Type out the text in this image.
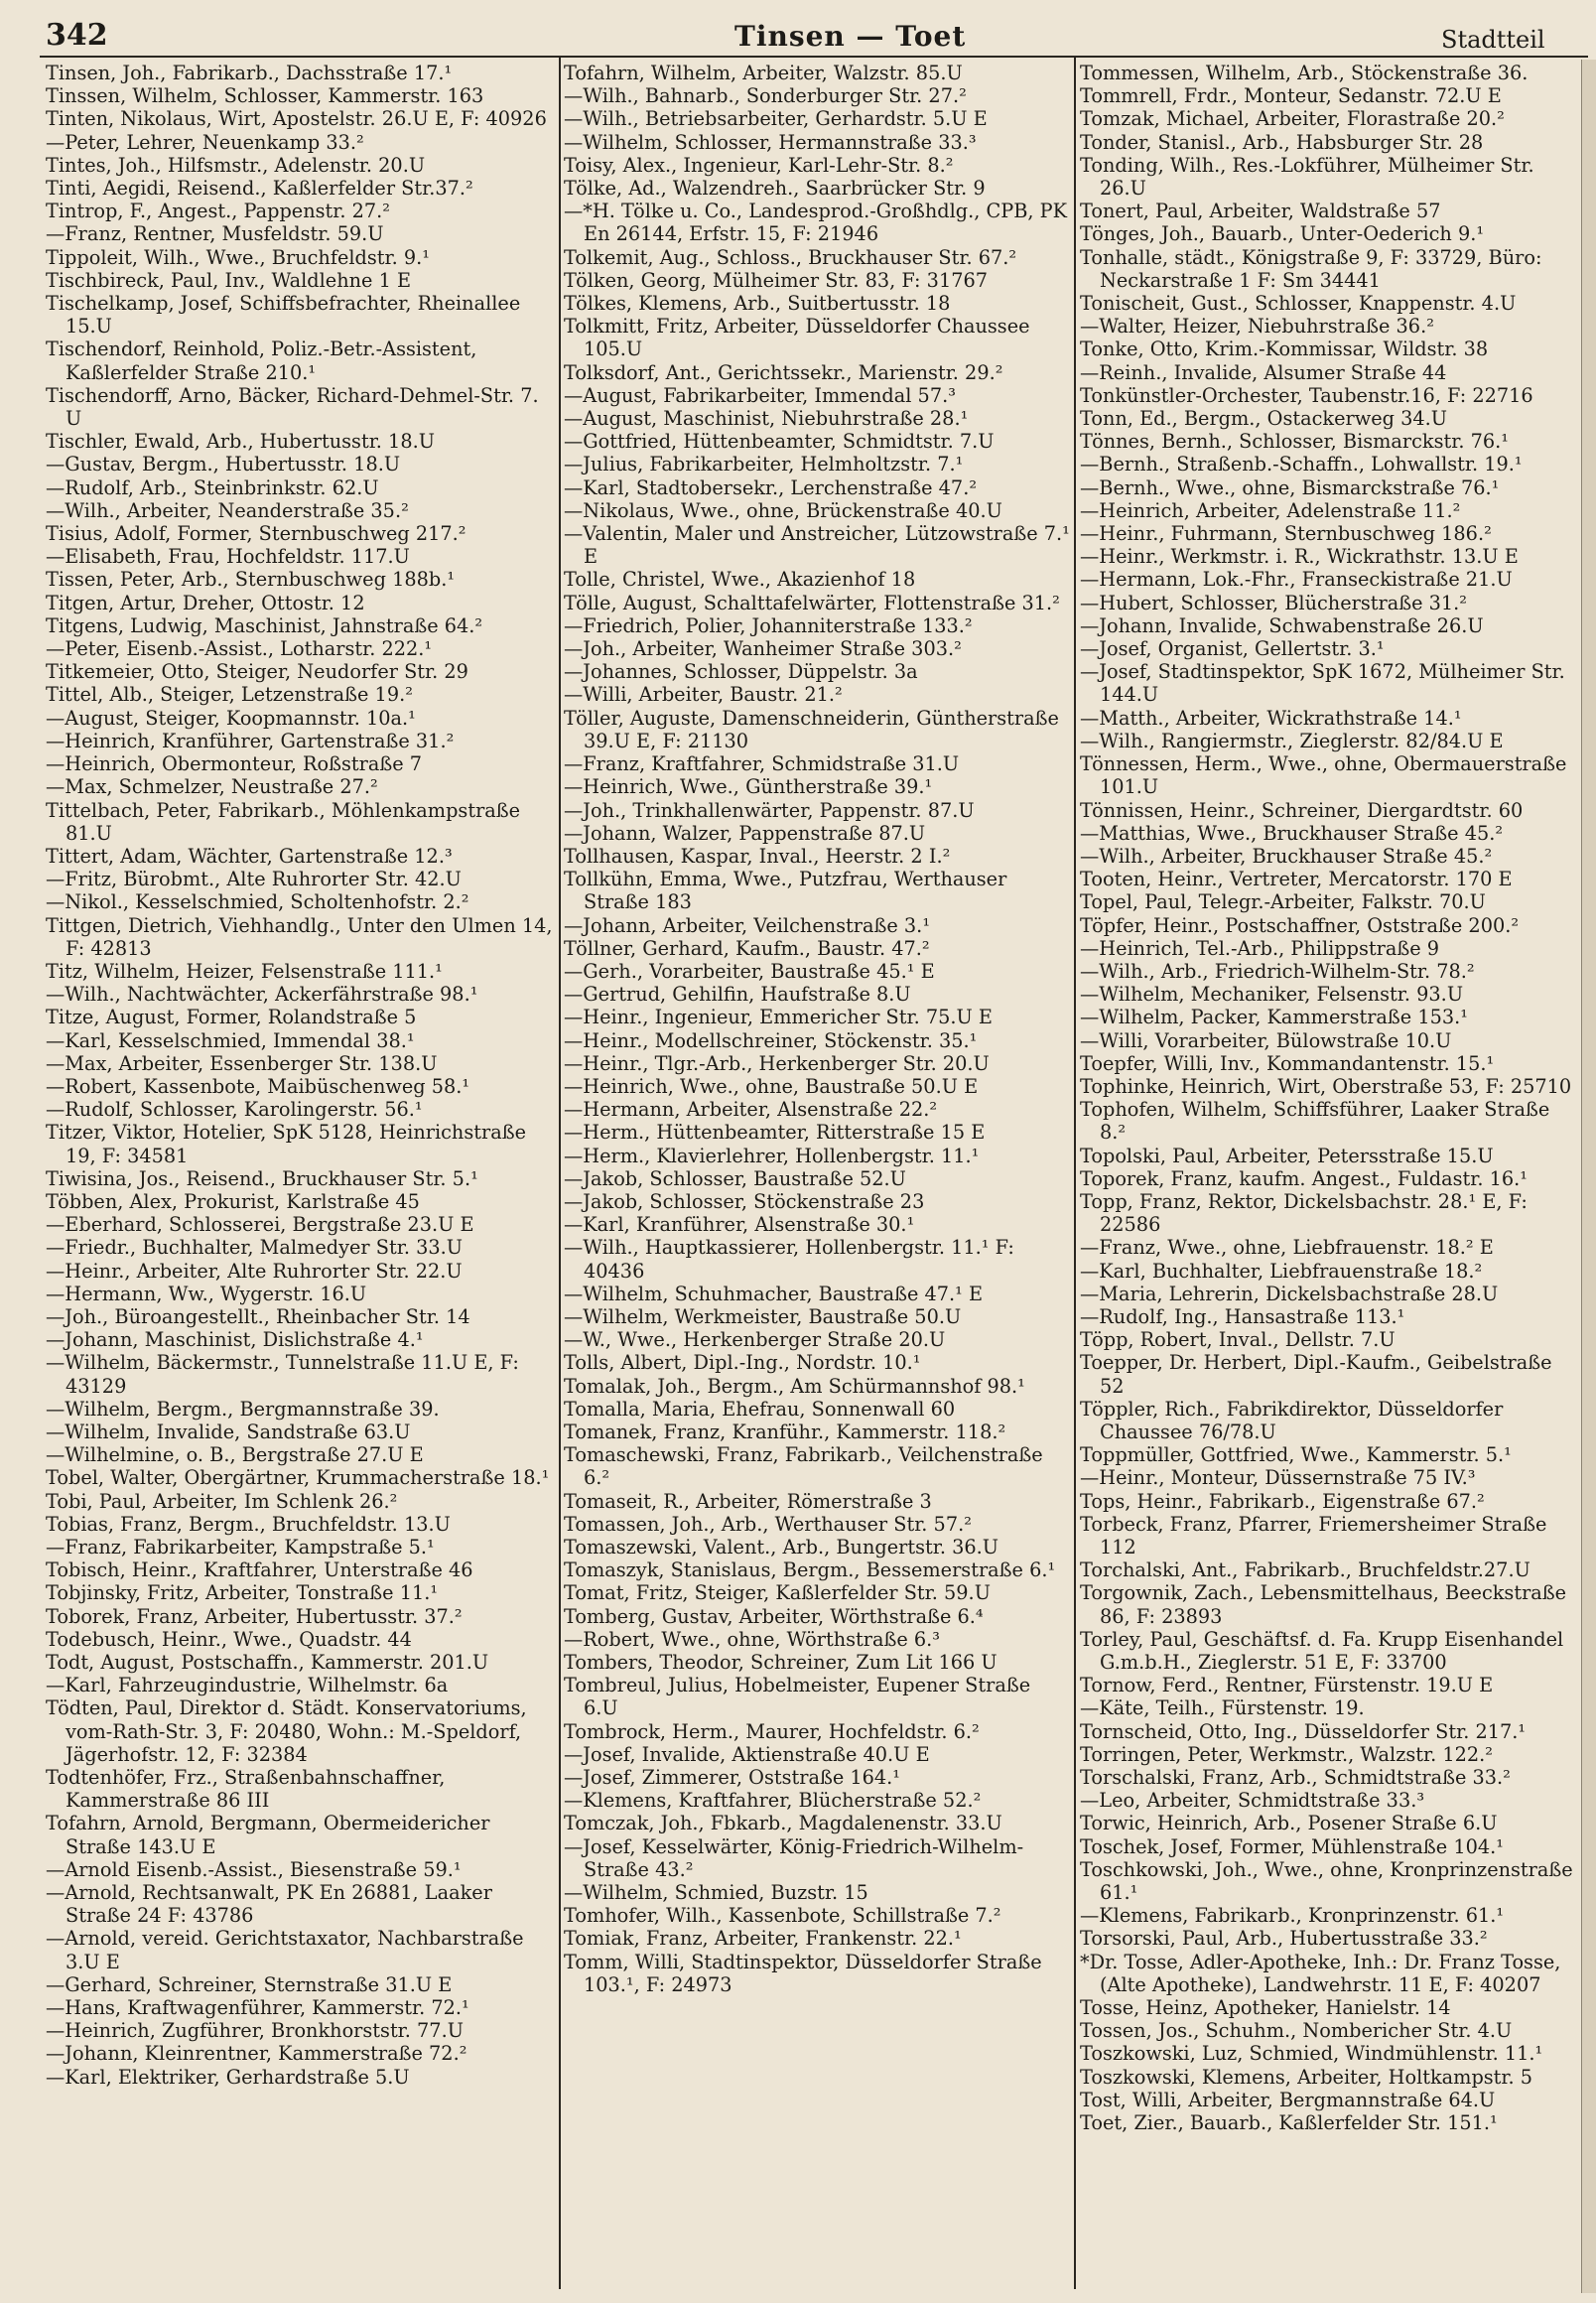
342	Tinsen — Toet	Stadtteil
Tinsen, Joh., Fabrikarb., Dachsstraße 17.¹
Tinssen, Wilhelm, Schlosser, Kammerstr. 163
Tinten, Nikolaus, Wirt, Apostelstr. 26.U E, F: 40926
—Peter, Lehrer, Neuenkamp 33.²
Tintes, Joh., Hilfsmstr., Adelenstr. 20.U
Tinti, Aegidi, Reisend., Kaßlerfelder Str.37.²
Tintrop, F., Angest., Pappenstr. 27.²
—Franz, Rentner, Musfeldstr. 59.U
Tippoleit, Wilh., Wwe., Bruchfeldstr. 9.¹
Tischbireck, Paul, Inv., Waldlehne 1 E
Tischelkamp, Josef, Schiffsbefrachter, Rheinallee 15.U
Tischendorf, Reinhold, Poliz.-Betr.-Assistent, Kaßlerfelder Straße 210.¹
Tischendorff, Arno, Bäcker, Richard-Dehmel-Str. 7. U
Tischler, Ewald, Arb., Hubertusstr. 18.U
—Gustav, Bergm., Hubertusstr. 18.U
—Rudolf, Arb., Steinbrinkstr. 62.U
—Wilh., Arbeiter, Neanderstraße 35.²
Tisius, Adolf, Former, Sternbuschweg 217.²
—Elisabeth, Frau, Hochfeldstr. 117.U
Tissen, Peter, Arb., Sternbuschweg 188b.¹
Titgen, Artur, Dreher, Ottostr. 12
Titgens, Ludwig, Maschinist, Jahnstraße 64.²
—Peter, Eisenb.-Assist., Lotharstr. 222.¹
Titkemeier, Otto, Steiger, Neudorfer Str. 29
Tittel, Alb., Steiger, Letzenstraße 19.²
—August, Steiger, Koopmannstr. 10a.¹
—Heinrich, Kranführer, Gartenstraße 31.²
—Heinrich, Obermonteur, Roßstraße 7
—Max, Schmelzer, Neustraße 27.²
Tittelbach, Peter, Fabrikarb., Möhlenkampstraße 81.U
Tittert, Adam, Wächter, Gartenstraße 12.³
—Fritz, Bürobmt., Alte Ruhrorter Str. 42.U
—Nikol., Kesselschmied, Scholtenhofstr. 2.²
Tittgen, Dietrich, Viehhandlg., Unter den Ulmen 14, F: 42813
Titz, Wilhelm, Heizer, Felsenstraße 111.¹
—Wilh., Nachtwächter, Ackerfährstraße 98.¹
Titze, August, Former, Rolandstraße 5
—Karl, Kesselschmied, Immendal 38.¹
—Max, Arbeiter, Essenberger Str. 138.U
—Robert, Kassenbote, Maibüschenweg 58.¹
—Rudolf, Schlosser, Karolingerstr. 56.¹
Titzer, Viktor, Hotelier, SpK 5128, Heinrichstraße 19, F: 34581
Tiwisina, Jos., Reisend., Bruckhauser Str. 5.¹
Többen, Alex, Prokurist, Karlstraße 45
—Eberhard, Schlosserei, Bergstraße 23.U E
—Friedr., Buchhalter, Malmedyer Str. 33.U
—Heinr., Arbeiter, Alte Ruhrorter Str. 22.U
—Hermann, Ww., Wygerstr. 16.U
—Joh., Büroangestellt., Rheinbacher Str. 14
—Johann, Maschinist, Dislichstraße 4.¹
—Wilhelm, Bäckermstr., Tunnelstraße 11.U E, F: 43129
—Wilhelm, Bergm., Bergmannstraße 39.
—Wilhelm, Invalide, Sandstraße 63.U
—Wilhelmine, o. B., Bergstraße 27.U E
Tobel, Walter, Obergärtner, Krummacherstraße 18.¹
Tobi, Paul, Arbeiter, Im Schlenk 26.²
Tobias, Franz, Bergm., Bruchfeldstr. 13.U
—Franz, Fabrikarbeiter, Kampstraße 5.¹
Tobisch, Heinr., Kraftfahrer, Unterstraße 46
Tobjinsky, Fritz, Arbeiter, Tonstraße 11.¹
Toborek, Franz, Arbeiter, Hubertusstr. 37.²
Todebusch, Heinr., Wwe., Quadstr. 44
Todt, August, Postschaffn., Kammerstr. 201.U
—Karl, Fahrzeugindustrie, Wilhelmstr. 6a
Tödten, Paul, Direktor d. Städt. Konservatoriums, vom-Rath-Str. 3, F: 20480, Wohn.: M.-Speldorf, Jägerhofstr. 12, F: 32384
Todtenhöfer, Frz., Straßenbahnschaffner, Kammerstraße 86 III
Tofahrn, Arnold, Bergmann, Obermeidericher Straße 143.U E
—Arnold Eisenb.-Assist., Biesenstraße 59.¹
—Arnold, Rechtsanwalt, PK En 26881, Laaker Straße 24 F: 43786
—Arnold, vereid. Gerichtstaxator, Nachbarstraße 3.U E
—Gerhard, Schreiner, Sternstraße 31.U E
—Hans, Kraftwagenführer, Kammerstr. 72.¹
—Heinrich, Zugführer, Bronkhorststr. 77.U
—Johann, Kleinrentner, Kammerstraße 72.²
—Karl, Elektriker, Gerhardstraße 5.U
Tofahrn, Wilhelm, Arbeiter, Walzstr. 85.U
—Wilh., Bahnarb., Sonderburger Str. 27.²
—Wilh., Betriebsarbeiter, Gerhardstr. 5.U E
—Wilhelm, Schlosser, Hermannstraße 33.³
Toisy, Alex., Ingenieur, Karl-Lehr-Str. 8.²
Tölke, Ad., Walzendreh., Saarbrücker Str. 9
—*H. Tölke u. Co., Landesprod.-Großhdlg., CPB, PK En 26144, Erfstr. 15, F: 21946
Tolkemit, Aug., Schloss., Bruckhauser Str. 67.²
Tölken, Georg, Mülheimer Str. 83, F: 31767
Tölkes, Klemens, Arb., Suitbertusstr. 18
Tolkmitt, Fritz, Arbeiter, Düsseldorfer Chaussee 105.U
Tolksdorf, Ant., Gerichtssekr., Marienstr. 29.²
—August, Fabrikarbeiter, Immendal 57.³
—August, Maschinist, Niebuhrstraße 28.¹
—Gottfried, Hüttenbeamter, Schmidtstr. 7.U
—Julius, Fabrikarbeiter, Helmholtzstr. 7.¹
—Karl, Stadtobersekr., Lerchenstraße 47.²
—Nikolaus, Wwe., ohne, Brückenstraße 40.U
—Valentin, Maler und Anstreicher, Lützowstraße 7.¹ E
Tolle, Christel, Wwe., Akazienhof 18
Tölle, August, Schalttafelwärter, Flottenstraße 31.²
—Friedrich, Polier, Johanniterstraße 133.²
—Joh., Arbeiter, Wanheimer Straße 303.²
—Johannes, Schlosser, Düppelstr. 3a
—Willi, Arbeiter, Baustr. 21.²
Töller, Auguste, Damenschneiderin, Güntherstraße 39.U E, F: 21130
—Franz, Kraftfahrer, Schmidstraße 31.U
—Heinrich, Wwe., Güntherstraße 39.¹
—Joh., Trinkhallenwärter, Pappenstr. 87.U
—Johann, Walzer, Pappenstraße 87.U
Tollhausen, Kaspar, Inval., Heerstr. 2 I.²
Tollkühn, Emma, Wwe., Putzfrau, Werthauser Straße 183
—Johann, Arbeiter, Veilchenstraße 3.¹
Töllner, Gerhard, Kaufm., Baustr. 47.²
—Gerh., Vorarbeiter, Baustraße 45.¹ E
—Gertrud, Gehilfin, Haufstraße 8.U
—Heinr., Ingenieur, Emmericher Str. 75.U E
—Heinr., Modellschreiner, Stöckenstr. 35.¹
—Heinr., Tlgr.-Arb., Herkenberger Str. 20.U
—Heinrich, Wwe., ohne, Baustraße 50.U E
—Hermann, Arbeiter, Alsenstraße 22.²
—Herm., Hüttenbeamter, Ritterstraße 15 E
—Herm., Klavierlehrer, Hollenbergstr. 11.¹
—Jakob, Schlosser, Baustraße 52.U
—Jakob, Schlosser, Stöckenstraße 23
—Karl, Kranführer, Alsenstraße 30.¹
—Wilh., Hauptkassierer, Hollenbergstr. 11.¹ F: 40436
—Wilhelm, Schuhmacher, Baustraße 47.¹ E
—Wilhelm, Werkmeister, Baustraße 50.U
—W., Wwe., Herkenberger Straße 20.U
Tolls, Albert, Dipl.-Ing., Nordstr. 10.¹
Tomalak, Joh., Bergm., Am Schürmannshof 98.¹
Tomalla, Maria, Ehefrau, Sonnenwall 60
Tomanek, Franz, Kranführ., Kammerstr. 118.²
Tomaschewski, Franz, Fabrikarb., Veilchenstraße 6.²
Tomaseit, R., Arbeiter, Römerstraße 3
Tomassen, Joh., Arb., Werthauser Str. 57.²
Tomaszewski, Valent., Arb., Bungertstr. 36.U
Tomaszyk, Stanislaus, Bergm., Bessemerstraße 6.¹
Tomat, Fritz, Steiger, Kaßlerfelder Str. 59.U
Tomberg, Gustav, Arbeiter, Wörthstraße 6.⁴
—Robert, Wwe., ohne, Wörthstraße 6.³
Tombers, Theodor, Schreiner, Zum Lit 166 U
Tombreul, Julius, Hobelmeister, Eupener Straße 6.U
Tombrock, Herm., Maurer, Hochfeldstr. 6.²
—Josef, Invalide, Aktienstraße 40.U E
—Josef, Zimmerer, Oststraße 164.¹
—Klemens, Kraftfahrer, Blücherstraße 52.²
Tomczak, Joh., Fbkarb., Magdalenenstr. 33.U
—Josef, Kesselwärter, König-Friedrich-Wilhelm-Straße 43.²
—Wilhelm, Schmied, Buzstr. 15
Tomhofer, Wilh., Kassenbote, Schillstraße 7.²
Tomiak, Franz, Arbeiter, Frankenstr. 22.¹
Tomm, Willi, Stadtinspektor, Düsseldorfer Straße 103.¹, F: 24973
Tommessen, Wilhelm, Arb., Stöckenstraße 36.
Tommrell, Frdr., Monteur, Sedanstr. 72.U E
Tomzak, Michael, Arbeiter, Florastraße 20.²
Tonder, Stanisl., Arb., Habsburger Str. 28
Tonding, Wilh., Res.-Lokführer, Mülheimer Str. 26.U
Tonert, Paul, Arbeiter, Waldstraße 57
Tönges, Joh., Bauarb., Unter-Oederich 9.¹
Tonhalle, städt., Königstraße 9, F: 33729, Büro: Neckarstraße 1 F: Sm 34441
Tonischeit, Gust., Schlosser, Knappenstr. 4.U
—Walter, Heizer, Niebuhrstraße 36.²
Tonke, Otto, Krim.-Kommissar, Wildstr. 38
—Reinh., Invalide, Alsumer Straße 44
Tonkünstler-Orchester, Taubenstr.16, F: 22716
Tonn, Ed., Bergm., Ostackerweg 34.U
Tönnes, Bernh., Schlosser, Bismarckstr. 76.¹
—Bernh., Straßenb.-Schaffn., Lohwallstr. 19.¹
—Bernh., Wwe., ohne, Bismarckstraße 76.¹
—Heinrich, Arbeiter, Adelenstraße 11.²
—Heinr., Fuhrmann, Sternbuschweg 186.²
—Heinr., Werkmstr. i. R., Wickrathstr. 13.U E
—Hermann, Lok.-Fhr., Franseckistraße 21.U
—Hubert, Schlosser, Blücherstraße 31.²
—Johann, Invalide, Schwabenstraße 26.U
—Josef, Organist, Gellertstr. 3.¹
—Josef, Stadtinspektor, SpK 1672, Mülheimer Str. 144.U
—Matth., Arbeiter, Wickrathstraße 14.¹
—Wilh., Rangiermstr., Zieglerstr. 82/84.U E
Tönnessen, Herm., Wwe., ohne, Obermauerstraße 101.U
Tönnissen, Heinr., Schreiner, Diergardtstr. 60
—Matthias, Wwe., Bruckhauser Straße 45.²
—Wilh., Arbeiter, Bruckhauser Straße 45.²
Tooten, Heinr., Vertreter, Mercatorstr. 170 E
Topel, Paul, Telegr.-Arbeiter, Falkstr. 70.U
Töpfer, Heinr., Postschaffner, Oststraße 200.²
—Heinrich, Tel.-Arb., Philippstraße 9
—Wilh., Arb., Friedrich-Wilhelm-Str. 78.²
—Wilhelm, Mechaniker, Felsenstr. 93.U
—Wilhelm, Packer, Kammerstraße 153.¹
—Willi, Vorarbeiter, Bülowstraße 10.U
Toepfer, Willi, Inv., Kommandantenstr. 15.¹
Tophinke, Heinrich, Wirt, Oberstraße 53, F: 25710
Tophofen, Wilhelm, Schiffsführer, Laaker Straße 8.²
Topolski, Paul, Arbeiter, Petersstraße 15.U
Toporek, Franz, kaufm. Angest., Fuldastr. 16.¹
Topp, Franz, Rektor, Dickelsbachstr. 28.¹ E, F: 22586
—Franz, Wwe., ohne, Liebfrauenstr. 18.² E
—Karl, Buchhalter, Liebfrauenstraße 18.²
—Maria, Lehrerin, Dickelsbachstraße 28.U
—Rudolf, Ing., Hansastraße 113.¹
Töpp, Robert, Inval., Dellstr. 7.U
Toepper, Dr. Herbert, Dipl.-Kaufm., Geibelstraße 52
Töppler, Rich., Fabrikdirektor, Düsseldorfer Chaussee 76/78.U
Toppmüller, Gottfried, Wwe., Kammerstr. 5.¹
—Heinr., Monteur, Düssernstraße 75 IV.³
Tops, Heinr., Fabrikarb., Eigenstraße 67.²
Torbeck, Franz, Pfarrer, Friemersheimer Straße 112
Torchalski, Ant., Fabrikarb., Bruchfeldstr.27.U
Torgownik, Zach., Lebensmittelhaus, Beeckstraße 86, F: 23893
Torley, Paul, Geschäftsf. d. Fa. Krupp Eisenhandel G.m.b.H., Zieglerstr. 51 E, F: 33700
Tornow, Ferd., Rentner, Fürstenstr. 19.U E
—Käte, Teilh., Fürstenstr. 19.
Tornscheid, Otto, Ing., Düsseldorfer Str. 217.¹
Torringen, Peter, Werkmstr., Walzstr. 122.²
Torschalski, Franz, Arb., Schmidtstraße 33.²
—Leo, Arbeiter, Schmidtstraße 33.³
Torwic, Heinrich, Arb., Posener Straße 6.U
Toschek, Josef, Former, Mühlenstraße 104.¹
Toschkowski, Joh., Wwe., ohne, Kronprinzenstraße 61.¹
—Klemens, Fabrikarb., Kronprinzenstr. 61.¹
Torsorski, Paul, Arb., Hubertusstraße 33.²
*Dr. Tosse, Adler-Apotheke, Inh.: Dr. Franz Tosse, (Alte Apotheke), Landwehrstr. 11 E, F: 40207
Tosse, Heinz, Apotheker, Hanielstr. 14
Tossen, Jos., Schuhm., Nombericher Str. 4.U
Toszkowski, Luz, Schmied, Windmühlenstr. 11.¹
Toszkowski, Klemens, Arbeiter, Holtkampstr. 5
Tost, Willi, Arbeiter, Bergmannstraße 64.U
Toet, Zier., Bauarb., Kaßlerfelder Str. 151.¹
